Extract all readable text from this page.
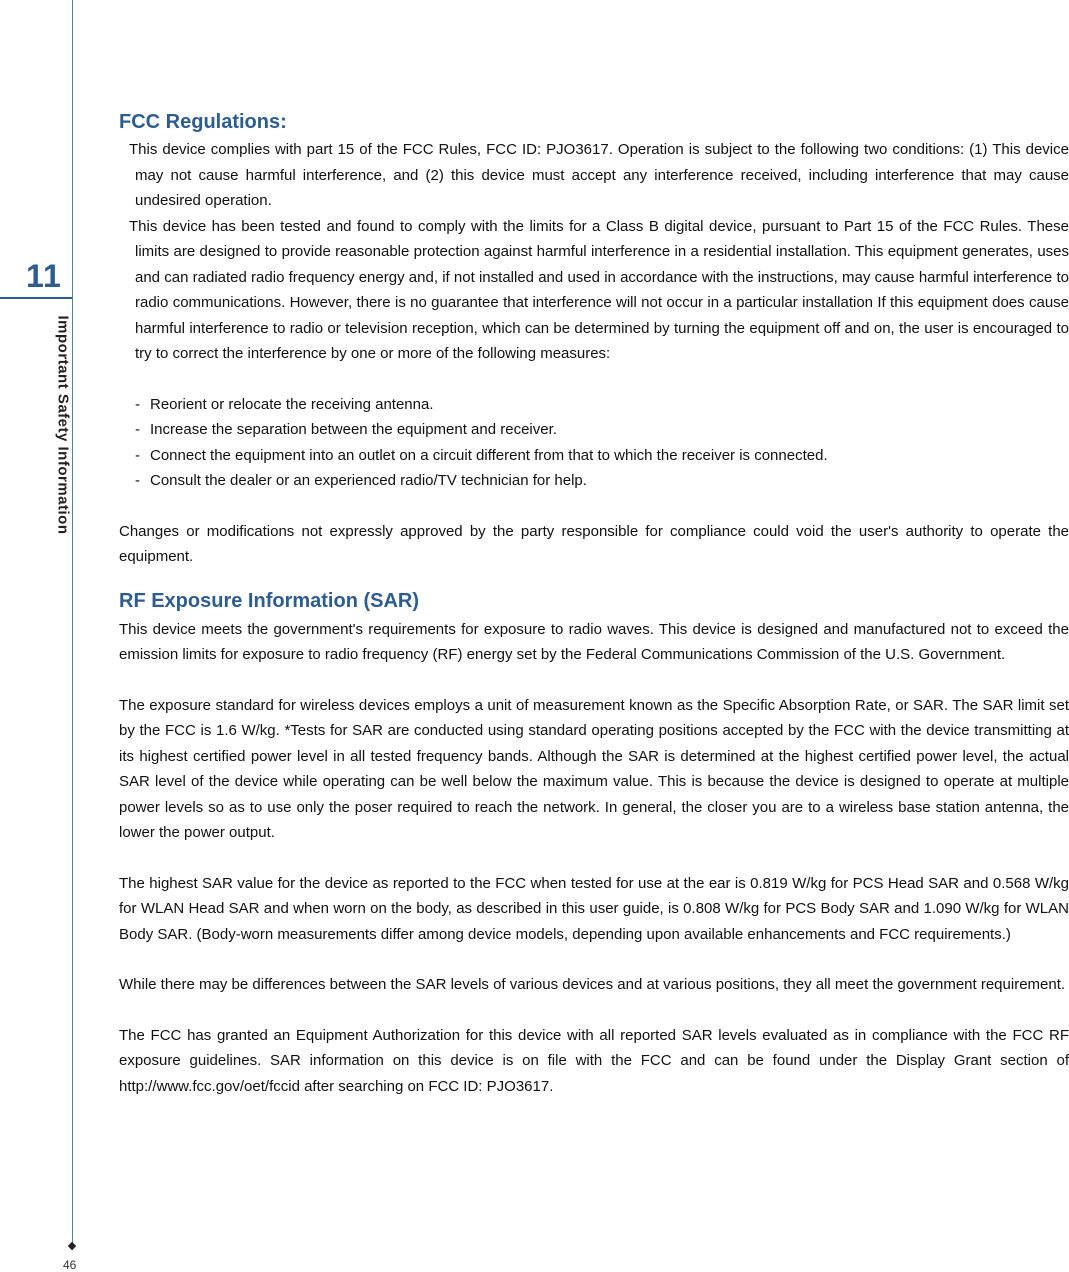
11
Important Safety Information
46
FCC Regulations:

This device complies with part 15 of the FCC Rules, FCC ID: PJO3617. Operation is subject to the following two conditions: (1) This device may not cause harmful interference, and (2) this device must accept any interference received, including interference that may cause undesired operation.

This device has been tested and found to comply with the limits for a Class B digital device, pursuant to Part 15 of the FCC Rules. These limits are designed to provide reasonable protection against harmful interference in a residential installation. This equipment generates, uses and can radiated radio frequency energy and, if not installed and used in accordance with the instructions, may cause harmful interference to radio communications. However, there is no guarantee that interference will not occur in a particular installation If this equipment does cause harmful interference to radio or television reception, which can be determined by turning the equipment off and on, the user is encouraged to try to correct the interference by one or more of the following measures:

- Reorient or relocate the receiving antenna.
- Increase the separation between the equipment and receiver.
- Connect the equipment into an outlet on a circuit different from that to which the receiver is connected.
- Consult the dealer or an experienced radio/TV technician for help.

Changes or modifications not expressly approved by the party responsible for compliance could void the user's authority to operate the equipment.

RF Exposure Information (SAR)

This device meets the government's requirements for exposure to radio waves. This device is designed and manufactured not to exceed the emission limits for exposure to radio frequency (RF) energy set by the Federal Communications Commission of the U.S. Government.

The exposure standard for wireless devices employs a unit of measurement known as the Specific Absorption Rate, or SAR. The SAR limit set by the FCC is 1.6 W/kg. *Tests for SAR are conducted using standard operating positions accepted by the FCC with the device transmitting at its highest certified power level in all tested frequency bands. Although the SAR is determined at the highest certified power level, the actual SAR level of the device while operating can be well below the maximum value. This is because the device is designed to operate at multiple power levels so as to use only the poser required to reach the network. In general, the closer you are to a wireless base station antenna, the lower the power output.

The highest SAR value for the device as reported to the FCC when tested for use at the ear is 0.819 W/kg for PCS Head SAR and 0.568 W/kg for WLAN Head SAR and when worn on the body, as described in this user guide, is 0.808 W/kg for PCS Body SAR and 1.090 W/kg for WLAN Body SAR. (Body-worn measurements differ among device models, depending upon available enhancements and FCC requirements.)

While there may be differences between the SAR levels of various devices and at various positions, they all meet the government requirement.

The FCC has granted an Equipment Authorization for this device with all reported SAR levels evaluated as in compliance with the FCC RF exposure guidelines. SAR information on this device is on file with the FCC and can be found under the Display Grant section of http://www.fcc.gov/oet/fccid after searching on FCC ID: PJO3617.
